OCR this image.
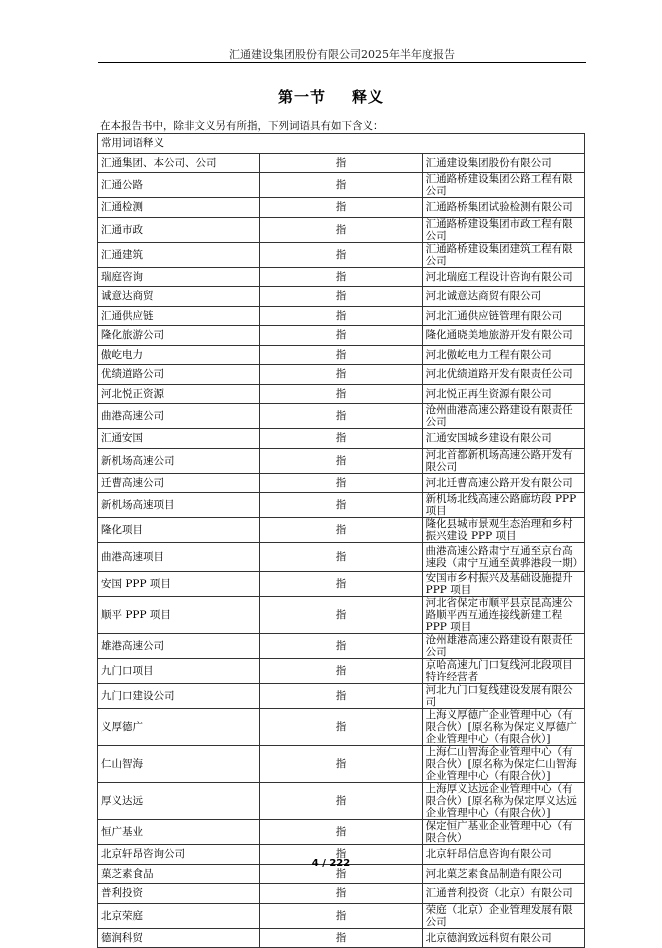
汇通建设集团股份有限公司2025年半年度报告
第一节 释义
在本报告书中，除非文义另有所指，下列词语具有如下含义：
常用词语释义		
汇通集团、本公司、公司	指	汇通建设集团股份有限公司
汇通公路	指	汇通路桥建设集团公路工程有限公司
汇通检测	指	汇通路桥集团试验检测有限公司
汇通市政	指	汇通路桥建设集团市政工程有限公司
汇通建筑	指	汇通路桥建设集团建筑工程有限公司
瑞庭咨询	指	河北瑞庭工程设计咨询有限公司
诚意达商贸	指	河北诚意达商贸有限公司
汇通供应链	指	河北汇通供应链管理有限公司
隆化旅游公司	指	隆化通晓美地旅游开发有限公司
傲屹电力	指	河北傲屹电力工程有限公司
优绩道路公司	指	河北优绩道路开发有限责任公司
河北悦正资源	指	河北悦正再生资源有限公司
曲港高速公司	指	沧州曲港高速公路建设有限责任公司
汇通安国	指	汇通安国城乡建设有限公司
新机场高速公司	指	河北首都新机场高速公路开发有限公司
迁曹高速公司	指	河北迁曹高速公路开发有限公司
新机场高速项目	指	新机场北线高速公路廊坊段 PPP 项目
隆化项目	指	隆化县城市景观生态治理和乡村振兴建设 PPP 项目
曲港高速项目	指	曲港高速公路肃宁互通至京台高速段（肃宁互通至黄骅港段一期）
安国 PPP 项目	指	安国市乡村振兴及基础设施提升 PPP 项目
顺平 PPP 项目	指	河北省保定市顺平县京昆高速公路顺平西互通连接线新建工程 PPP 项目
雄港高速公司	指	沧州雄港高速公路建设有限责任公司
九门口项目	指	京哈高速九门口复线河北段项目特许经营者
九门口建设公司	指	河北九门口复线建设发展有限公司
义厚德广	指	上海义厚德广企业管理中心（有限合伙）[原名称为保定义厚德广企业管理中心（有限合伙）]
仁山智海	指	上海仁山智海企业管理中心（有限合伙）[原名称为保定仁山智海企业管理中心（有限合伙）]
厚义达远	指	上海厚义达远企业管理中心（有限合伙）[原名称为保定厚义达远企业管理中心（有限合伙）]
恒广基业	指	保定恒广基业企业管理中心（有限合伙）
北京轩昂咨询公司	指	北京轩昂信息咨询有限公司
菓芝素食品	指	河北菓芝素食品制造有限公司
普利投资	指	汇通普利投资（北京）有限公司
北京荣庭	指	荣庭（北京）企业管理发展有限公司
德润科贸	指	北京德润致远科贸有限公司
4 / 222
